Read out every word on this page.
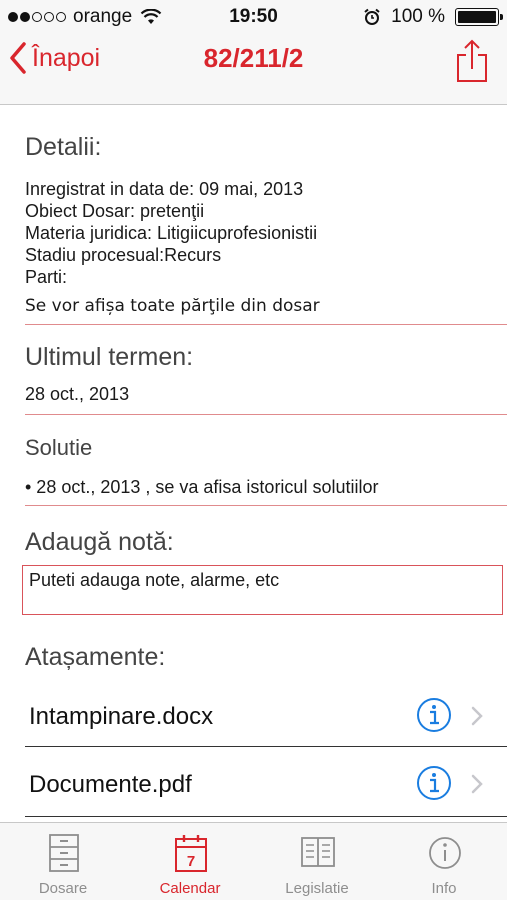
orange	19:50	100 %
Înapoi	82/211/2
Detalii:
Inregistrat in data de: 09 mai, 2013
Obiect Dosar: pretenţii
Materia juridica: Litigiicuprofesionistii
Stadiu procesual:Recurs
Parti:
Se vor afișa toate părţile din dosar
Ultimul termen:
28 oct., 2013
Solutie
• 28 oct., 2013 , se va afisa istoricul solutiilor
Adaugă notă:
Puteti adauga note, alarme, etc
Atașamente:
Intampinare.docx
Documente.pdf
Dosare
7
Calendar	Legislatie	Info
